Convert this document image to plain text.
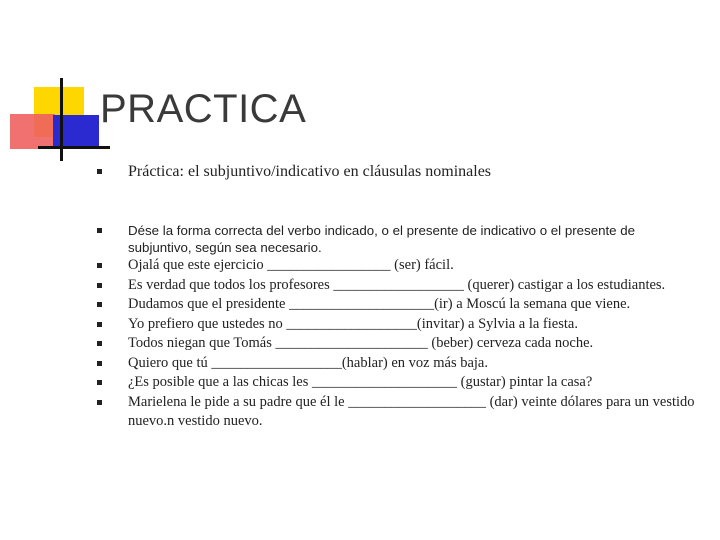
PRACTICA
Práctica: el subjuntivo/indicativo en cláusulas nominales
Dése la forma correcta del verbo indicado, o el presente de indicativo o el presente de subjuntivo, según sea necesario.
Ojalá que este ejercicio _________________ (ser) fácil.
Es verdad que todos los profesores __________________ (querer) castigar a los estudiantes.
Dudamos que el presidente ____________________(ir) a Moscú la semana que viene.
Yo prefiero que ustedes no __________________(invitar) a Sylvia a la fiesta.
Todos niegan que Tomás _____________________ (beber) cerveza cada noche.
Quiero que tú __________________(hablar) en voz más baja.
¿Es posible que a las chicas les ____________________ (gustar) pintar la casa?
Marielena le pide a su padre que él le ___________________ (dar) veinte dólares para un vestido nuevo.n vestido nuevo.
